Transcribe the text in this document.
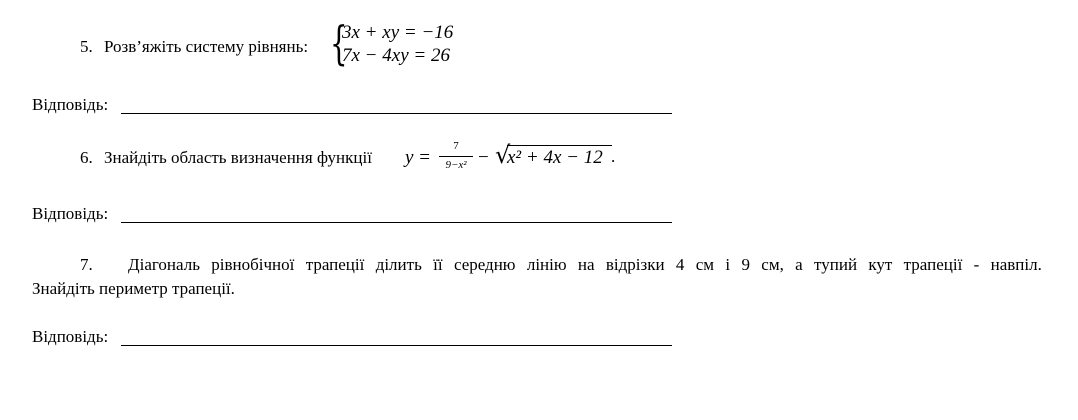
5. Розв’яжіть систему рівнянь: {
3x + xy = −16
7x − 4xy = 26
Відповідь:
6. Знайдіть область визначення функції y =
7
9−x² − √
x² + 4x − 12 .
Відповідь:
7. Діагональ рівнобічної трапеції ділить її середню лінію на відрізки 4 см і 9 см, а тупий кут трапеції - навпіл.
Знайдіть периметр трапеції.
Відповідь:
